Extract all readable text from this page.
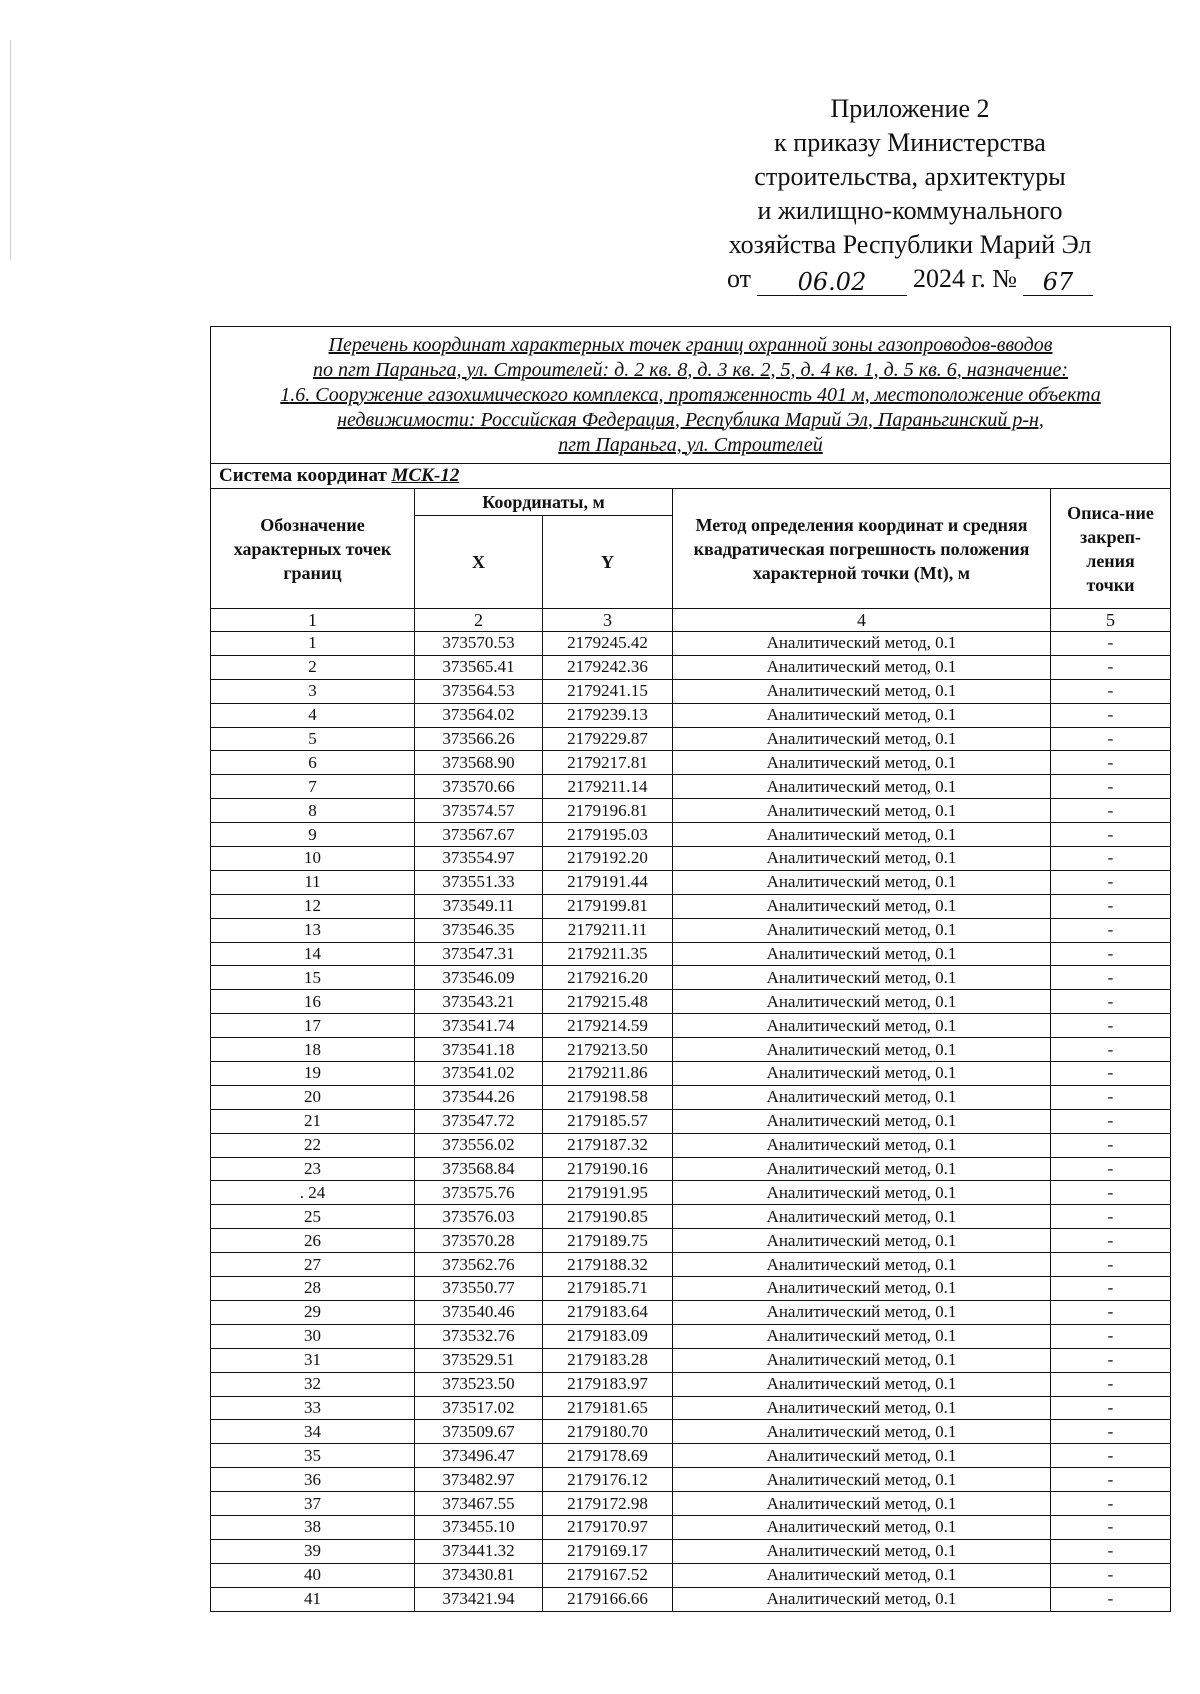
Приложение 2
к приказу Министерства
строительства, архитектуры
и жилищно-коммунального
хозяйства Республики Марий Эл
от	06.02	2024 г. №	67
Перечень координат характерных точек границ охранной зоны газопроводов-вводов
по пгт Параньга, ул. Строителей: д. 2 кв. 8, д. 3 кв. 2, 5, д. 4 кв. 1, д. 5 кв. 6, назначение:
1.6. Сооружение газохимического комплекса, протяженность 401 м, местоположение объекта
недвижимости: Российская Федерация, Республика Марий Эл, Параньгинский р-н,
пгт Параньга, ул. Строителей				

Система координат МСК-12				
Обозначение характерных точек границ	Координаты, м		Метод определения координат и средняя квадратическая погрешность положения характерной точки (Mt), м	Описа-ние закреп-ления точки
	X	Y		
1	2	3	4	5
1	373570.53	2179245.42	Аналитический метод, 0.1	-
2	373565.41	2179242.36	Аналитический метод, 0.1	-
3	373564.53	2179241.15	Аналитический метод, 0.1	-
4	373564.02	2179239.13	Аналитический метод, 0.1	-
5	373566.26	2179229.87	Аналитический метод, 0.1	-
6	373568.90	2179217.81	Аналитический метод, 0.1	-
7	373570.66	2179211.14	Аналитический метод, 0.1	-
8	373574.57	2179196.81	Аналитический метод, 0.1	-
9	373567.67	2179195.03	Аналитический метод, 0.1	-
10	373554.97	2179192.20	Аналитический метод, 0.1	-
11	373551.33	2179191.44	Аналитический метод, 0.1	-
12	373549.11	2179199.81	Аналитический метод, 0.1	-
13	373546.35	2179211.11	Аналитический метод, 0.1	-
14	373547.31	2179211.35	Аналитический метод, 0.1	-
15	373546.09	2179216.20	Аналитический метод, 0.1	-
16	373543.21	2179215.48	Аналитический метод, 0.1	-
17	373541.74	2179214.59	Аналитический метод, 0.1	-
18	373541.18	2179213.50	Аналитический метод, 0.1	-
19	373541.02	2179211.86	Аналитический метод, 0.1	-
20	373544.26	2179198.58	Аналитический метод, 0.1	-
21	373547.72	2179185.57	Аналитический метод, 0.1	-
22	373556.02	2179187.32	Аналитический метод, 0.1	-
23	373568.84	2179190.16	Аналитический метод, 0.1	-
. 24	373575.76	2179191.95	Аналитический метод, 0.1	-
25	373576.03	2179190.85	Аналитический метод, 0.1	-
26	373570.28	2179189.75	Аналитический метод, 0.1	-
27	373562.76	2179188.32	Аналитический метод, 0.1	-
28	373550.77	2179185.71	Аналитический метод, 0.1	-
29	373540.46	2179183.64	Аналитический метод, 0.1	-
30	373532.76	2179183.09	Аналитический метод, 0.1	-
31	373529.51	2179183.28	Аналитический метод, 0.1	-
32	373523.50	2179183.97	Аналитический метод, 0.1	-
33	373517.02	2179181.65	Аналитический метод, 0.1	-
34	373509.67	2179180.70	Аналитический метод, 0.1	-
35	373496.47	2179178.69	Аналитический метод, 0.1	-
36	373482.97	2179176.12	Аналитический метод, 0.1	-
37	373467.55	2179172.98	Аналитический метод, 0.1	-
38	373455.10	2179170.97	Аналитический метод, 0.1	-
39	373441.32	2179169.17	Аналитический метод, 0.1	-
40	373430.81	2179167.52	Аналитический метод, 0.1	-
41	373421.94	2179166.66	Аналитический метод, 0.1	-
